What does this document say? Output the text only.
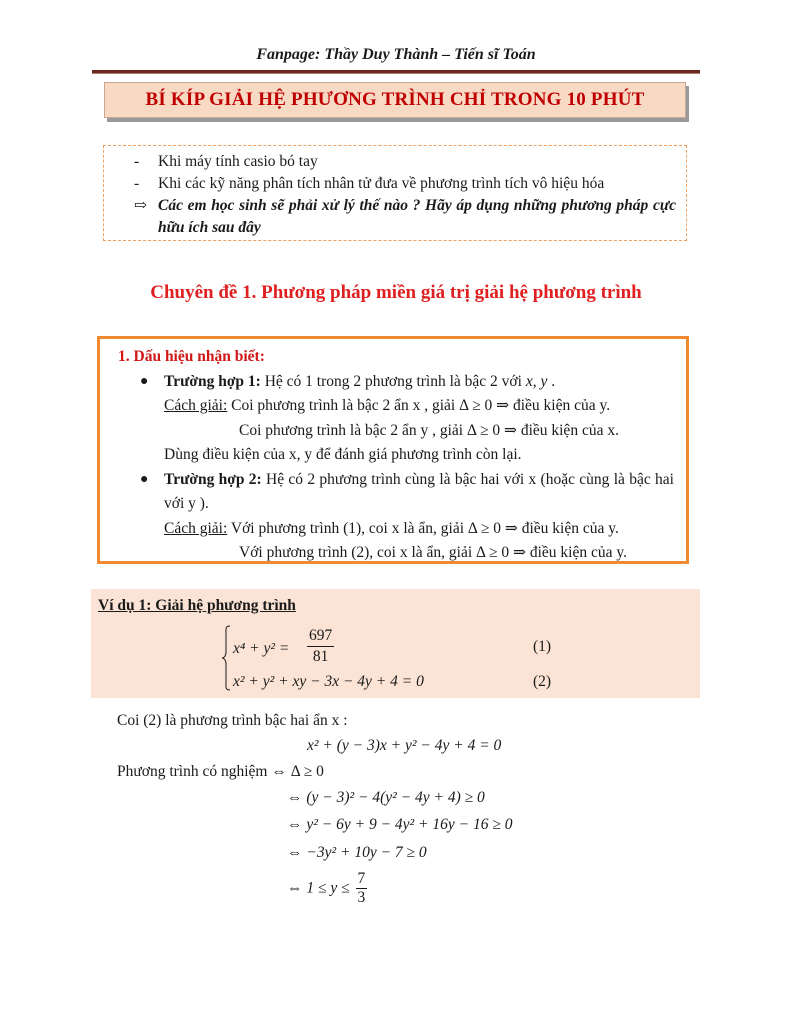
Fanpage: Thầy Duy Thành – Tiến sĩ Toán
BÍ KÍP GIẢI HỆ PHƯƠNG TRÌNH CHỈ TRONG 10 PHÚT
- Khi máy tính casio bó tay
- Khi các kỹ năng phân tích nhân tử đưa về phương trình tích vô hiệu hóa
⇨ Các em học sinh sẽ phải xử lý thế nào ? Hãy áp dụng những phương pháp cực hữu ích sau đây
Chuyên đề 1. Phương pháp miền giá trị giải hệ phương trình
1. Dấu hiệu nhận biết:
● Trường hợp 1: Hệ có 1 trong 2 phương trình là bậc 2 với x, y .
Cách giải: Coi phương trình là bậc 2 ẩn x , giải Δ ≥ 0 ⇒ điều kiện của y.
Coi phương trình là bậc 2 ẩn y , giải Δ ≥ 0 ⇒ điều kiện của x.
Dùng điều kiện của x, y để đánh giá phương trình còn lại.
● Trường hợp 2: Hệ có 2 phương trình cùng là bậc hai với x (hoặc cùng là bậc hai với y ).
Cách giải: Với phương trình (1), coi x là ẩn, giải Δ ≥ 0 ⇒ điều kiện của y.
Với phương trình (2), coi x là ẩn, giải Δ ≥ 0 ⇒ điều kiện của y.
Ví dụ 1: Giải hệ phương trình
$x^4 + y^2 = \frac{697}{81}$	(1)
x² + y² + xy − 3x − 4y + 4 = 0	(2)
Coi (2) là phương trình bậc hai ẩn x :
x² + (y − 3)x + y² − 4y + 4 = 0
Phương trình có nghiệm ⇔ Δ ≥ 0
⇔ (y − 3)² − 4(y² − 4y + 4) ≥ 0
⇔ y² − 6y + 9 − 4y² + 16y − 16 ≥ 0
⇔ −3y² + 10y − 7 ≥ 0
⇔ $1 \le y \le \frac{7}{3}$
